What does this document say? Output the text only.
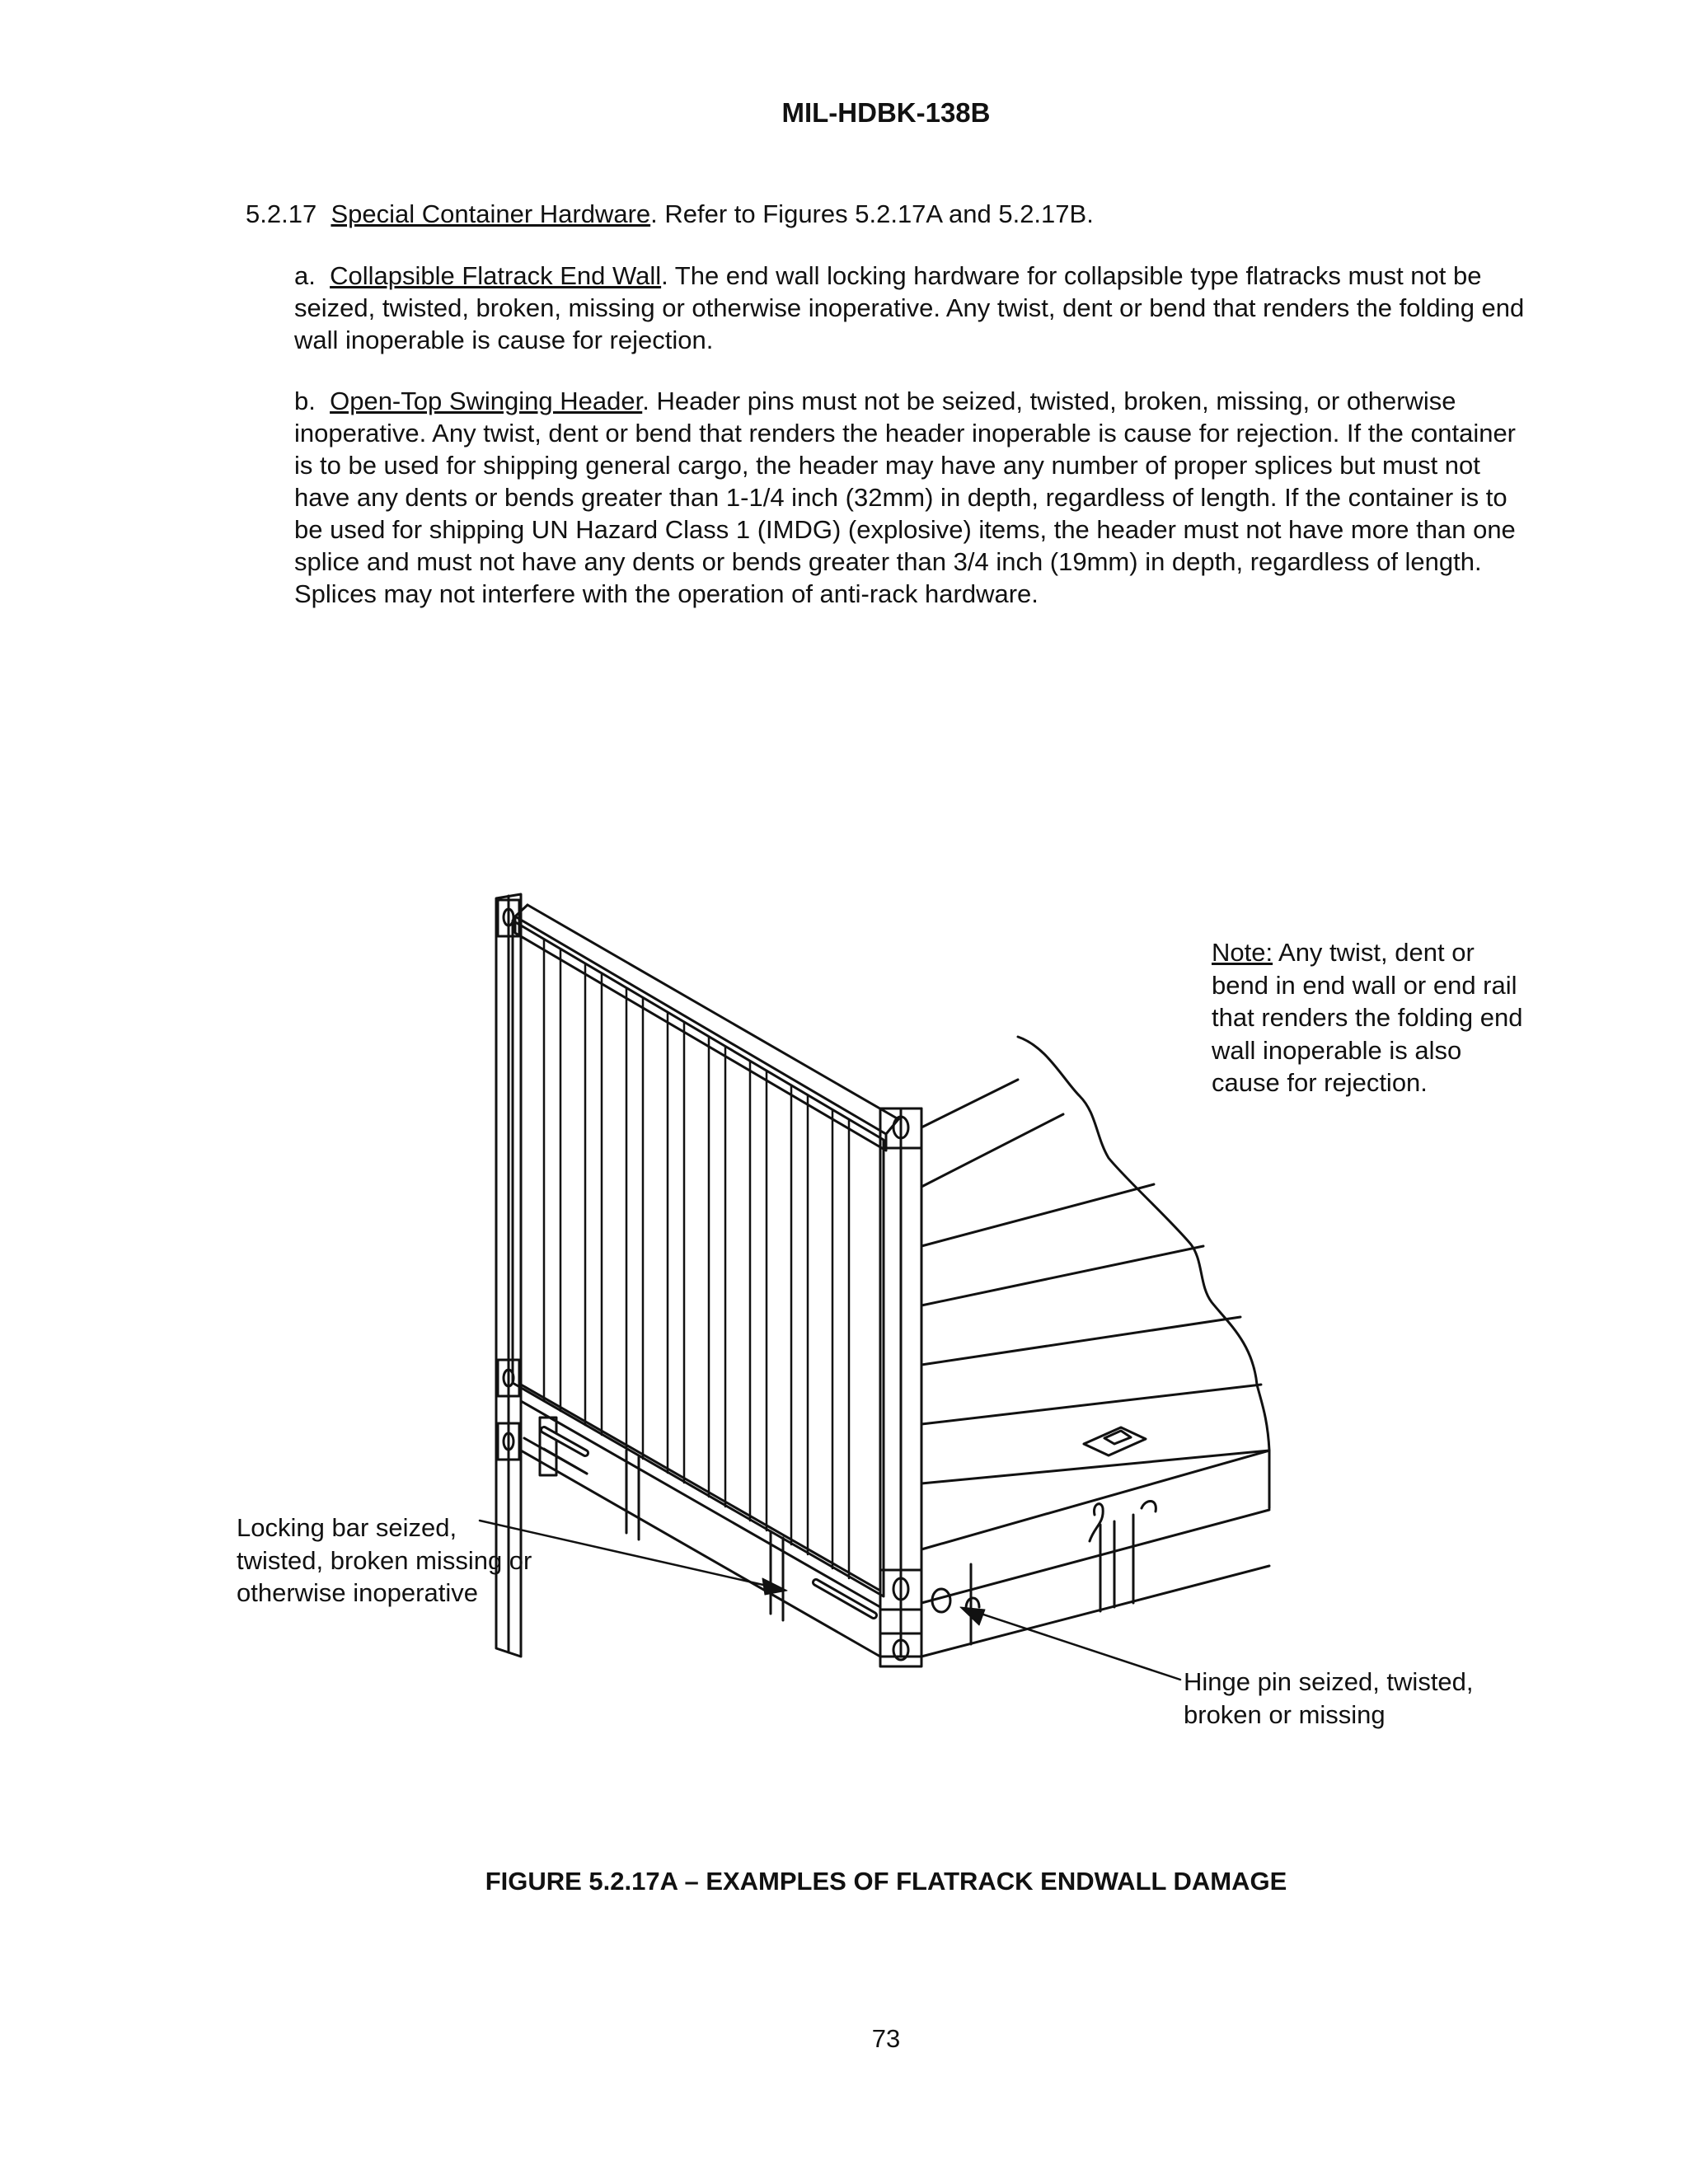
MIL-HDBK-138B
5.2.17 Special Container Hardware. Refer to Figures 5.2.17A and 5.2.17B.
a. Collapsible Flatrack End Wall. The end wall locking hardware for collapsible type flatracks must not be seized, twisted, broken, missing or otherwise inoperative. Any twist, dent or bend that renders the folding end wall inoperable is cause for rejection.
b. Open-Top Swinging Header. Header pins must not be seized, twisted, broken, missing, or otherwise inoperative. Any twist, dent or bend that renders the header inoperable is cause for rejection. If the container is to be used for shipping general cargo, the header may have any number of proper splices but must not have any dents or bends greater than 1-1/4 inch (32mm) in depth, regardless of length. If the container is to be used for shipping UN Hazard Class 1 (IMDG) (explosive) items, the header must not have more than one splice and must not have any dents or bends greater than 3/4 inch (19mm) in depth, regardless of length. Splices may not interfere with the operation of anti-rack hardware.
Note: Any twist, dent or bend in end wall or end rail that renders the folding end wall inoperable is also cause for rejection.
Locking bar seized, twisted, broken missing or otherwise inoperative
Hinge pin seized, twisted, broken or missing
FIGURE 5.2.17A – EXAMPLES OF FLATRACK ENDWALL DAMAGE
73
